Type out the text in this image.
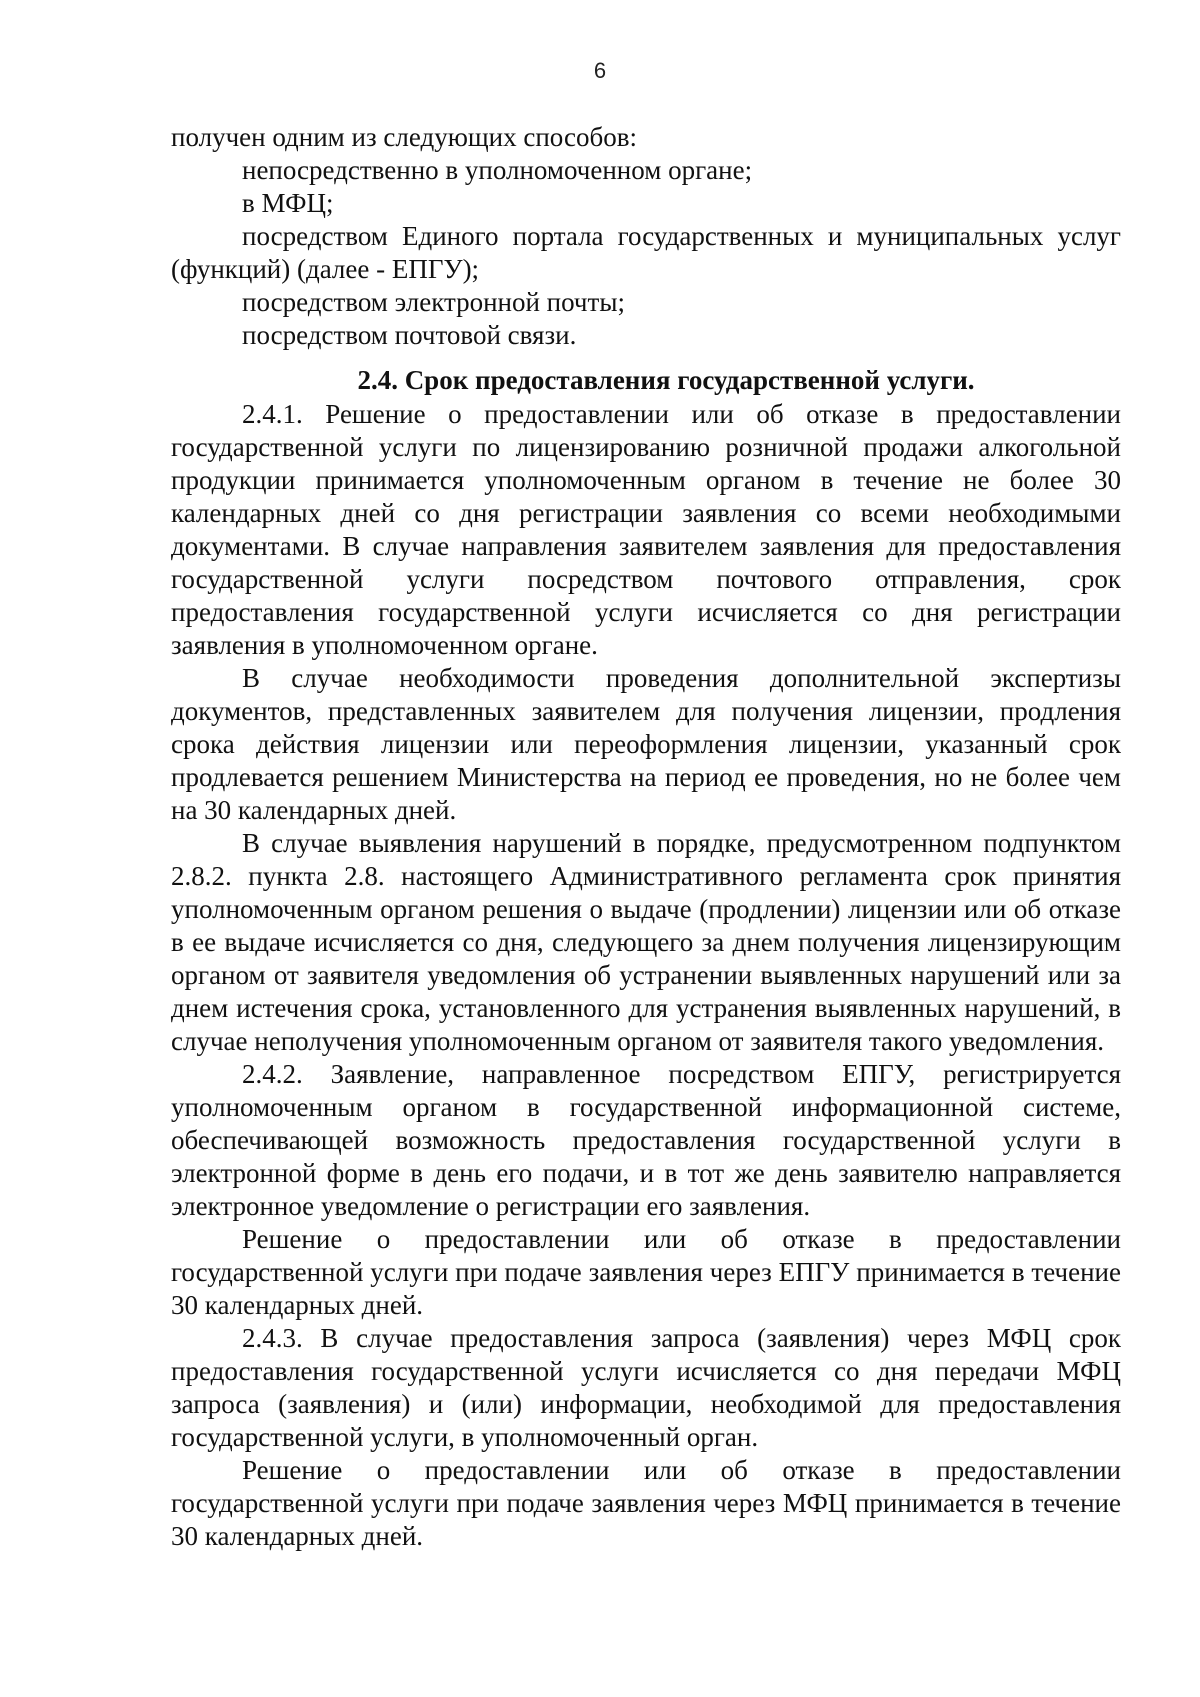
6

получен одним из следующих способов:

непосредственно в уполномоченном органе;

в МФЦ;

посредством Единого портала государственных и муниципальных услуг (функций) (далее - ЕПГУ);

посредством электронной почты;

посредством почтовой связи.

2.4. Срок предоставления государственной услуги.

2.4.1. Решение о предоставлении или об отказе в предоставлении государственной услуги по лицензированию розничной продажи алкогольной продукции принимается уполномоченным органом в течение не более 30 календарных дней со дня регистрации заявления со всеми необходимыми документами. В случае направления заявителем заявления для предоставления государственной услуги посредством почтового отправления, срок предоставления государственной услуги исчисляется со дня регистрации заявления в уполномоченном органе.

В случае необходимости проведения дополнительной экспертизы документов, представленных заявителем для получения лицензии, продления срока действия лицензии или переоформления лицензии, указанный срок продлевается решением Министерства на период ее проведения, но не более чем на 30 календарных дней.

В случае выявления нарушений в порядке, предусмотренном подпунктом 2.8.2. пункта 2.8. настоящего Административного регламента срок принятия уполномоченным органом решения о выдаче (продлении) лицензии или об отказе в ее выдаче исчисляется со дня, следующего за днем получения лицензирующим органом от заявителя уведомления об устранении выявленных нарушений или за днем истечения срока, установленного для устранения выявленных нарушений, в случае неполучения уполномоченным органом от заявителя такого уведомления.

2.4.2. Заявление, направленное посредством ЕПГУ, регистрируется уполномоченным органом в государственной информационной системе, обеспечивающей возможность предоставления государственной услуги в электронной форме в день его подачи, и в тот же день заявителю направляется электронное уведомление о регистрации его заявления.

Решение о предоставлении или об отказе в предоставлении государственной услуги при подаче заявления через ЕПГУ принимается в течение 30 календарных дней.

2.4.3. В случае предоставления запроса (заявления) через МФЦ срок предоставления государственной услуги исчисляется со дня передачи МФЦ запроса (заявления) и (или) информации, необходимой для предоставления государственной услуги, в уполномоченный орган.

Решение о предоставлении или об отказе в предоставлении государственной услуги при подаче заявления через МФЦ принимается в течение 30 календарных дней.
